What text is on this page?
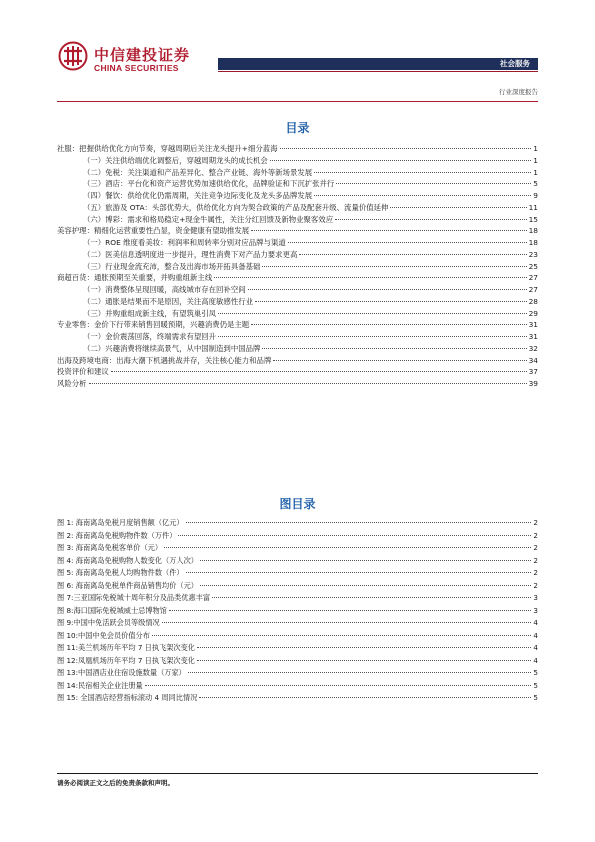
中信建投证券
CHINA SECURITIES	社会服务
行业深度报告
目录
社服：把握供给优化方向节奏，穿越周期后关注龙头提升+细分蓝海	1
（一）关注供给端优化调整后，穿越周期龙头的成长机会	1
（二）免税：关注渠道和产品差异化、整合产业链、海外等新场景发展	1
（三）酒店：平台化和资产运营优势加速供给优化，品牌验证和下沉扩张并行	5
（四）餐饮：供给优化仍需周期，关注竞争边际变化及龙头多品牌发展	9
（五）旅游及 OTA：头部优势大，供给优化方向为契合政策的产品及配套升级、流量价值延伸	11
（六）博彩：需求和格局稳定+现金牛属性，关注分红回馈及新物业聚客效应	15
美容护理：精细化运营重要性凸显，资金健康有望助推发展	18
（一）ROE 维度看美妆：利润率和周转率分别对应品牌与渠道	18
（二）医美信息透明度进一步提升，理性消费下对产品力要求更高	23
（三）行业现金流充沛，整合及出海市场开拓具备基础	25
商超百货：通胀预期至关重要，并购重组新主线	27
（一）消费整体呈现回暖，高线城市存在回补空间	27
（二）通胀是结果而不是原因，关注高度敏感性行业	28
（三）并购重组成新主线，有望筑巢引凤	29
专业零售：金价下行带来销售回暖预期，兴趣消费仍是主题	31
（一）金价震荡回落，终端需求有望回升	31
（二）兴趣消费将继续高景气，从中国制造到中国品牌	32
出海及跨境电商：出海大潮下机遇挑战并存，关注核心能力和品牌	34
投资评价和建议	37
风险分析	39
图目录
图 1: 海南离岛免税月度销售额（亿元）	2
图 2: 海南离岛免税购物件数（万件）	2
图 3: 海南离岛免税客单价（元）	2
图 4: 海南离岛免税购物人数变化（万人次）	2
图 5: 海南离岛免税人均购物件数（件）	2
图 6: 海南离岛免税单件商品销售均价（元）	2
图 7:三亚国际免税城十周年积分及品类优惠丰富	3
图 8:海口国际免税城威士忌博物馆	3
图 9:中国中免活跃会员等级情况	4
图 10:中国中免会员价值分布	4
图 11:美兰机场历年平均 7 日执飞架次变化	4
图 12:凤凰机场历年平均 7 日执飞架次变化	4
图 13:中国酒店业住宿设施数量（万家）	5
图 14:民宿相关企业注册量	5
图 15: 全国酒店经营指标滚动 4 周同比情况	5
请务必阅读正文之后的免责条款和声明。
